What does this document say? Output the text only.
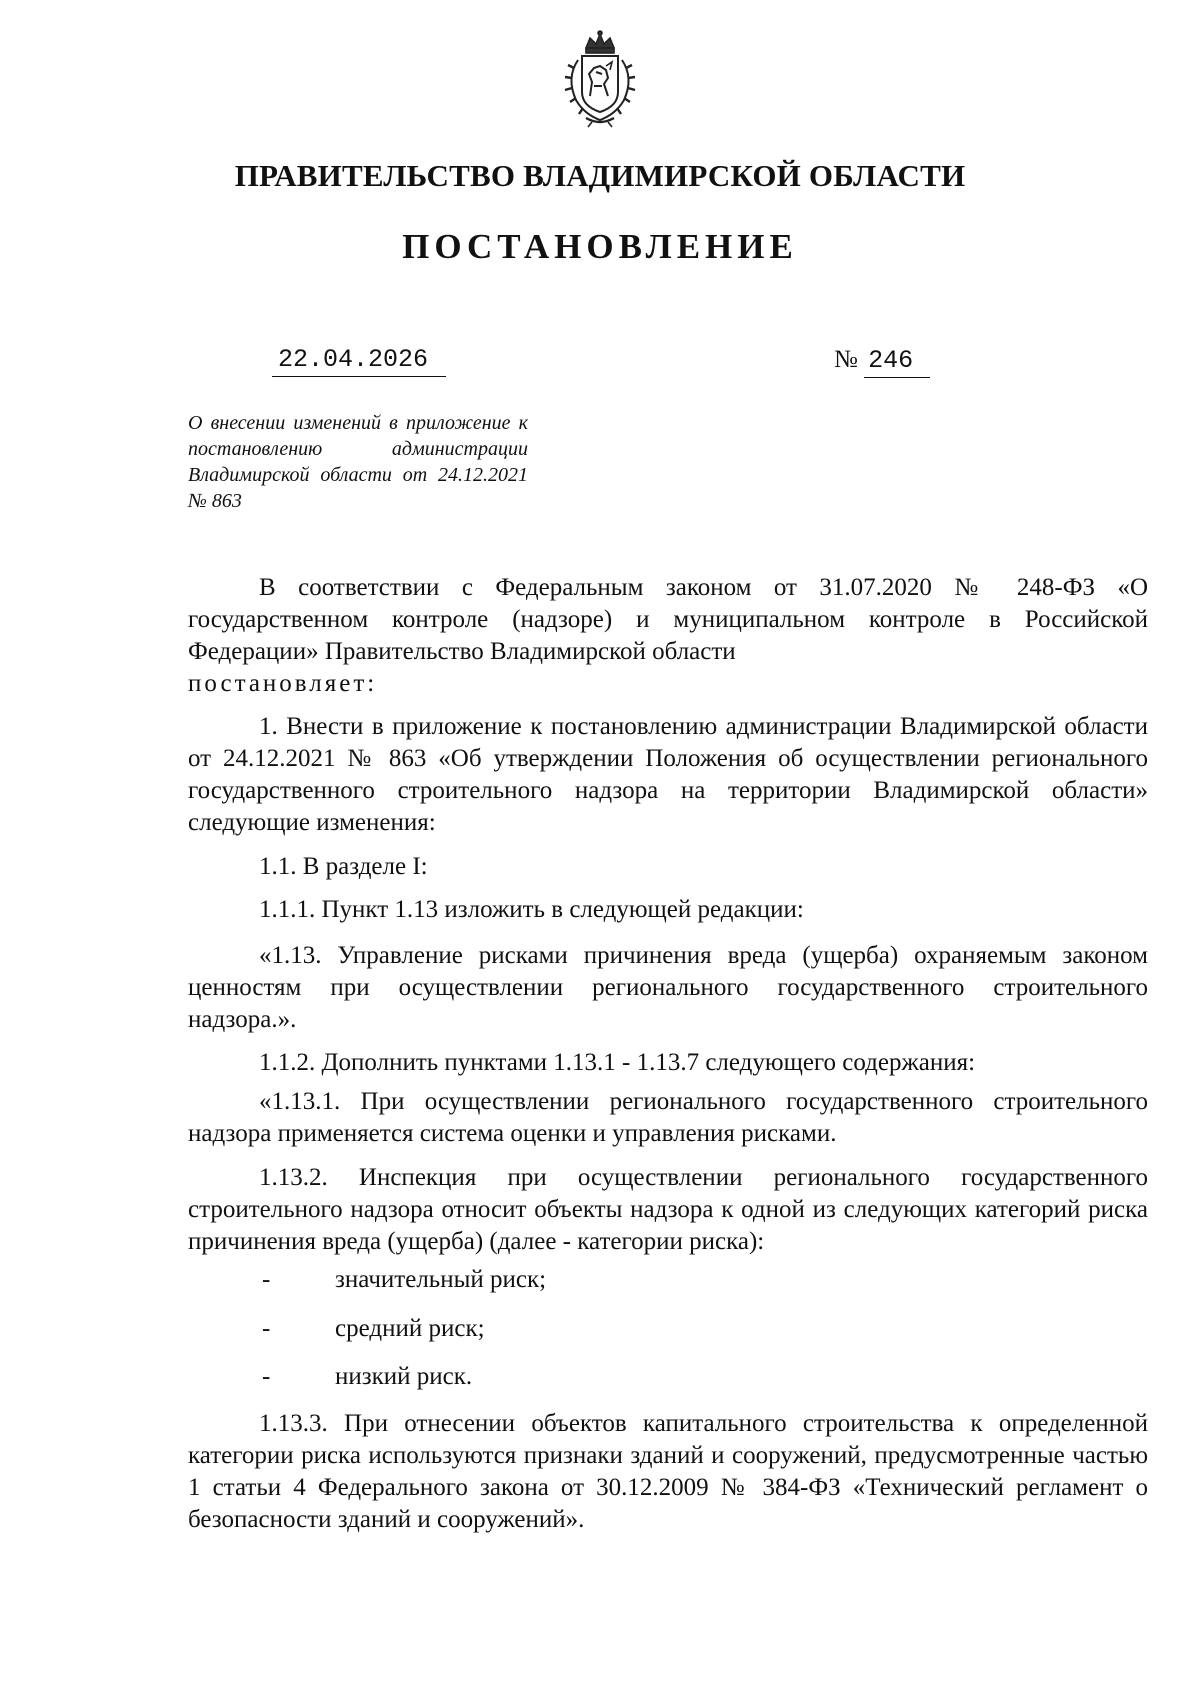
ПРАВИТЕЛЬСТВО ВЛАДИМИРСКОЙ ОБЛАСТИ
ПОСТАНОВЛЕНИЕ
22.04.2026	№ 246
О внесении изменений в приложение к постановлению администрации Владимирской области от 24.12.2021 № 863

В соответствии с Федеральным законом от 31.07.2020 № 248-ФЗ «О государственном контроле (надзоре) и муниципальном контроле в Российской Федерации» Правительство Владимирской области

постановляет:

1. Внести в приложение к постановлению администрации Владимирской области от 24.12.2021 № 863 «Об утверждении Положения об осуществлении регионального государственного строительного надзора на территории Владимирской области» следующие изменения:
1.1. В разделе I:
1.1.1. Пункт 1.13 изложить в следующей редакции:
«1.13. Управление рисками причинения вреда (ущерба) охраняемым законом ценностям при осуществлении регионального государственного строительного надзора.».
1.1.2. Дополнить пунктами 1.13.1 - 1.13.7 следующего содержания:
«1.13.1. При осуществлении регионального государственного строительного надзора применяется система оценки и управления рисками.
1.13.2. Инспекция при осуществлении регионального государственного строительного надзора относит объекты надзора к одной из следующих категорий риска причинения вреда (ущерба) (далее - категории риска):
-	значительный риск;
-	средний риск;
-	низкий риск.
1.13.3. При отнесении объектов капитального строительства к определенной категории риска используются признаки зданий и сооружений, предусмотренные частью 1 статьи 4 Федерального закона от 30.12.2009 № 384-ФЗ «Технический регламент о безопасности зданий и сооружений».
